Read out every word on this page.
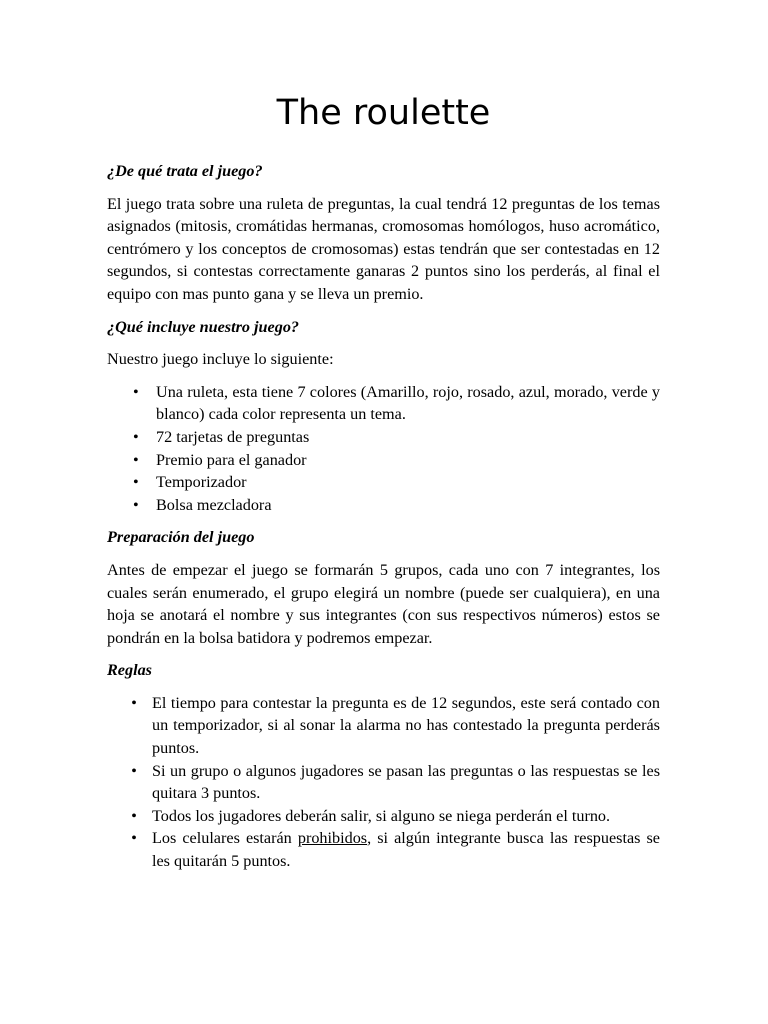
The roulette
¿De qué trata el juego?

El juego trata sobre una ruleta de preguntas, la cual tendrá 12 preguntas de los temas asignados (mitosis, cromátidas hermanas, cromosomas homólogos, huso acromático, centrómero y los conceptos de cromosomas) estas tendrán que ser contestadas en 12 segundos, si contestas correctamente ganaras 2 puntos sino los perderás, al final el equipo con mas punto gana y se lleva un premio.

¿Qué incluye nuestro juego?

Nuestro juego incluye lo siguiente:

• Una ruleta, esta tiene 7 colores (Amarillo, rojo, rosado, azul, morado, verde y blanco) cada color representa un tema.
• 72 tarjetas de preguntas
• Premio para el ganador
• Temporizador
• Bolsa mezcladora
Preparación del juego

Antes de empezar el juego se formarán 5 grupos, cada uno con 7 integrantes, los cuales serán enumerado, el grupo elegirá un nombre (puede ser cualquiera), en una hoja se anotará el nombre y sus integrantes (con sus respectivos números) estos se pondrán en la bolsa batidora y podremos empezar.

Reglas
• El tiempo para contestar la pregunta es de 12 segundos, este será contado con un temporizador, si al sonar la alarma no has contestado la pregunta perderás puntos.
• Si un grupo o algunos jugadores se pasan las preguntas o las respuestas se les quitara 3 puntos.
• Todos los jugadores deberán salir, si alguno se niega perderán el turno.
• Los celulares estarán prohibidos, si algún integrante busca las respuestas se les quitarán 5 puntos.
